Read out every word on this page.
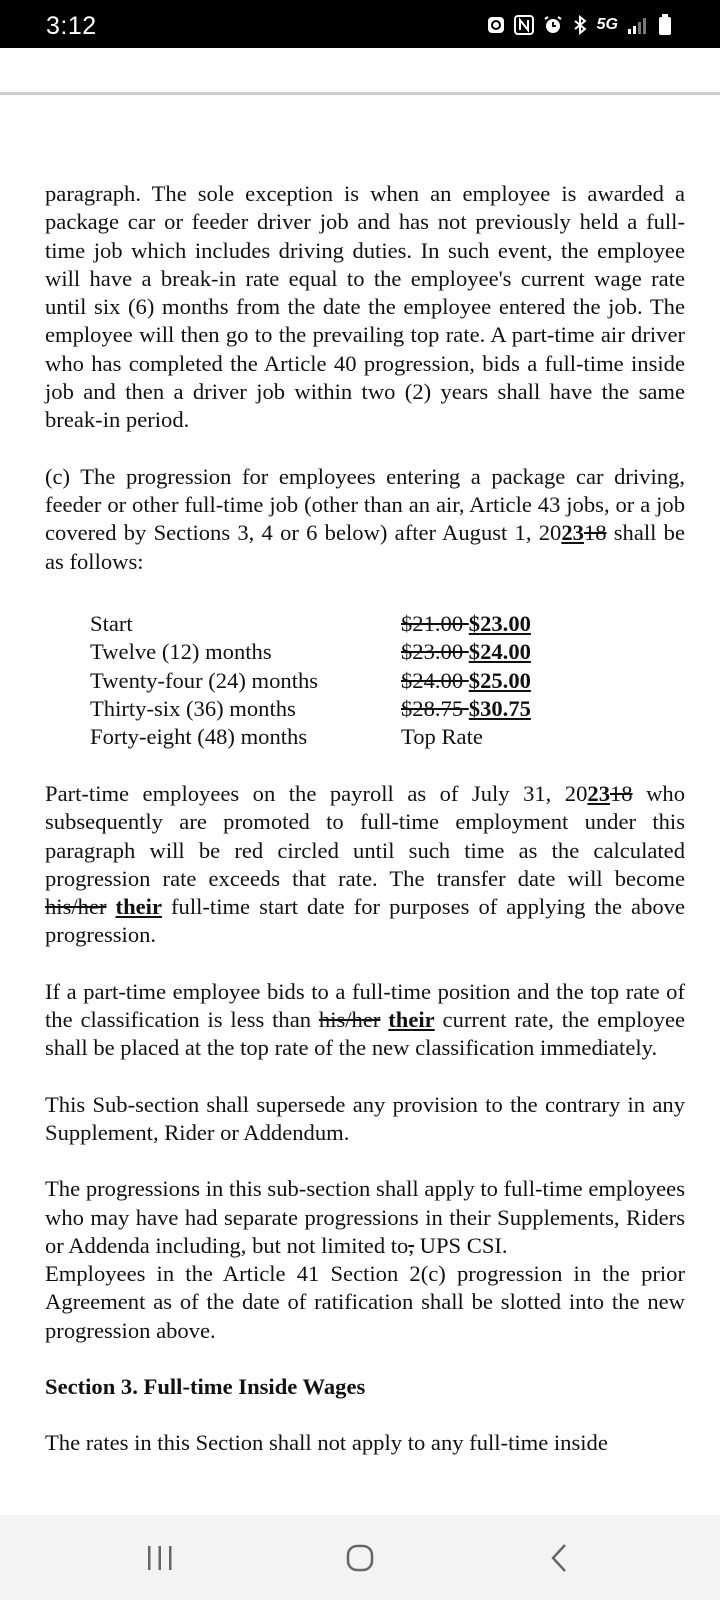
3:12	5G

paragraph. The sole exception is when an employee is awarded a package car or feeder driver job and has not previously held a full-time job which includes driving duties. In such event, the employee will have a break-in rate equal to the employee's current wage rate until six (6) months from the date the employee entered the job. The employee will then go to the prevailing top rate. A part-time air driver who has completed the Article 40 progression, bids a full-time inside job and then a driver job within two (2) years shall have the same break-in period.

(c) The progression for employees entering a package car driving, feeder or other full-time job (other than an air, Article 43 jobs, or a job covered by Sections 3, 4 or 6 below) after August 1, 202318 shall be as follows:

Start	$21.00 $23.00
Twelve (12) months	$23.00 $24.00
Twenty-four (24) months	$24.00 $25.00
Thirty-six (36) months	$28.75 $30.75
Forty-eight (48) months	Top Rate

Part-time employees on the payroll as of July 31, 202318 who subsequently are promoted to full-time employment under this paragraph will be red circled until such time as the calculated progression rate exceeds that rate. The transfer date will become his/her their full-time start date for purposes of applying the above progression.

If a part-time employee bids to a full-time position and the top rate of the classification is less than his/her their current rate, the employee shall be placed at the top rate of the new classification immediately.

This Sub-section shall supersede any provision to the contrary in any Supplement, Rider or Addendum.

The progressions in this sub-section shall apply to full-time employees who may have had separate progressions in their Supplements, Riders or Addenda including, but not limited to, UPS CSI.

Employees in the Article 41 Section 2(c) progression in the prior Agreement as of the date of ratification shall be slotted into the new progression above.

Section 3. Full-time Inside Wages

The rates in this Section shall not apply to any full-time inside
